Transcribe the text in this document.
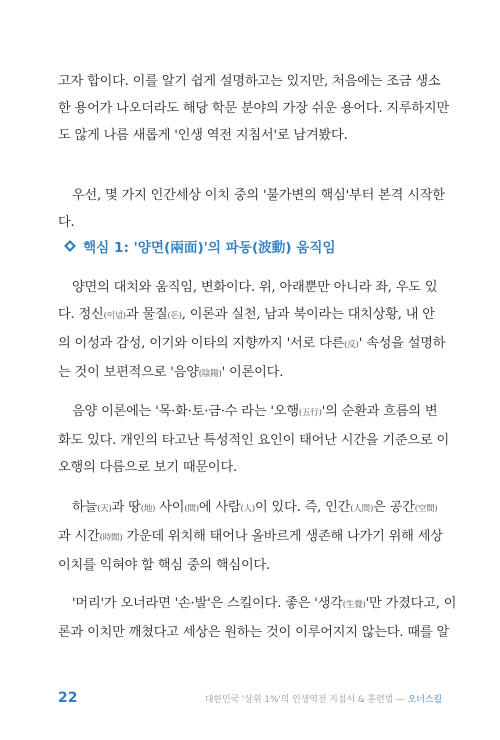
고자 합이다. 이를 알기 쉽게 설명하고는 있지만, 처음에는 조금 생소
한 용어가 나오더라도 해당 학문 분야의 가장 쉬운 용어다. 지루하지만
도 않게 나름 새롭게 '인생 역전 지침서'로 남겨봤다.

우선, 몇 가지 인간세상 이치 중의 '불가변의 핵심'부터 본격 시작한
다.

핵심 1: '양면(兩面)'의 파동(波動) 움직임

양면의 대치와 움직임, 변화이다. 위, 아래뿐만 아니라 좌, 우도 있
다. 정신(이념)과 물질(돈), 이론과 실천, 남과 북이라는 대치상황, 내 안
의 이성과 감성, 이기와 이타의 지향까지 '서로 다른(反)' 속성을 설명하
는 것이 보편적으로 '음양(陰陽)' 이론이다.

음양 이론에는 '목·화·토·금·수 라는 '오행(五行)'의 순환과 흐름의 변
화도 있다. 개인의 타고난 특성적인 요인이 태어난 시간을 기준으로 이
오행의 다름으로 보기 때문이다.

하늘(天)과 땅(地) 사이(間)에 사람(人)이 있다. 즉, 인간(人間)은 공간(空間)
과 시간(時間) 가운데 위치해 태어나 올바르게 생존해 나가기 위해 세상
이치를 익혀야 할 핵심 중의 핵심이다.

'머리'가 오너라면 '손·발'은 스킬이다. 좋은 '생각(生覺)'만 가졌다고, 이
론과 이치만 깨쳤다고 세상은 원하는 것이 이루어지지 않는다. 때를 알

22	대한민국 '상위 1%'의 인생역전 지침서 & 훈련법 — 오너스킬
